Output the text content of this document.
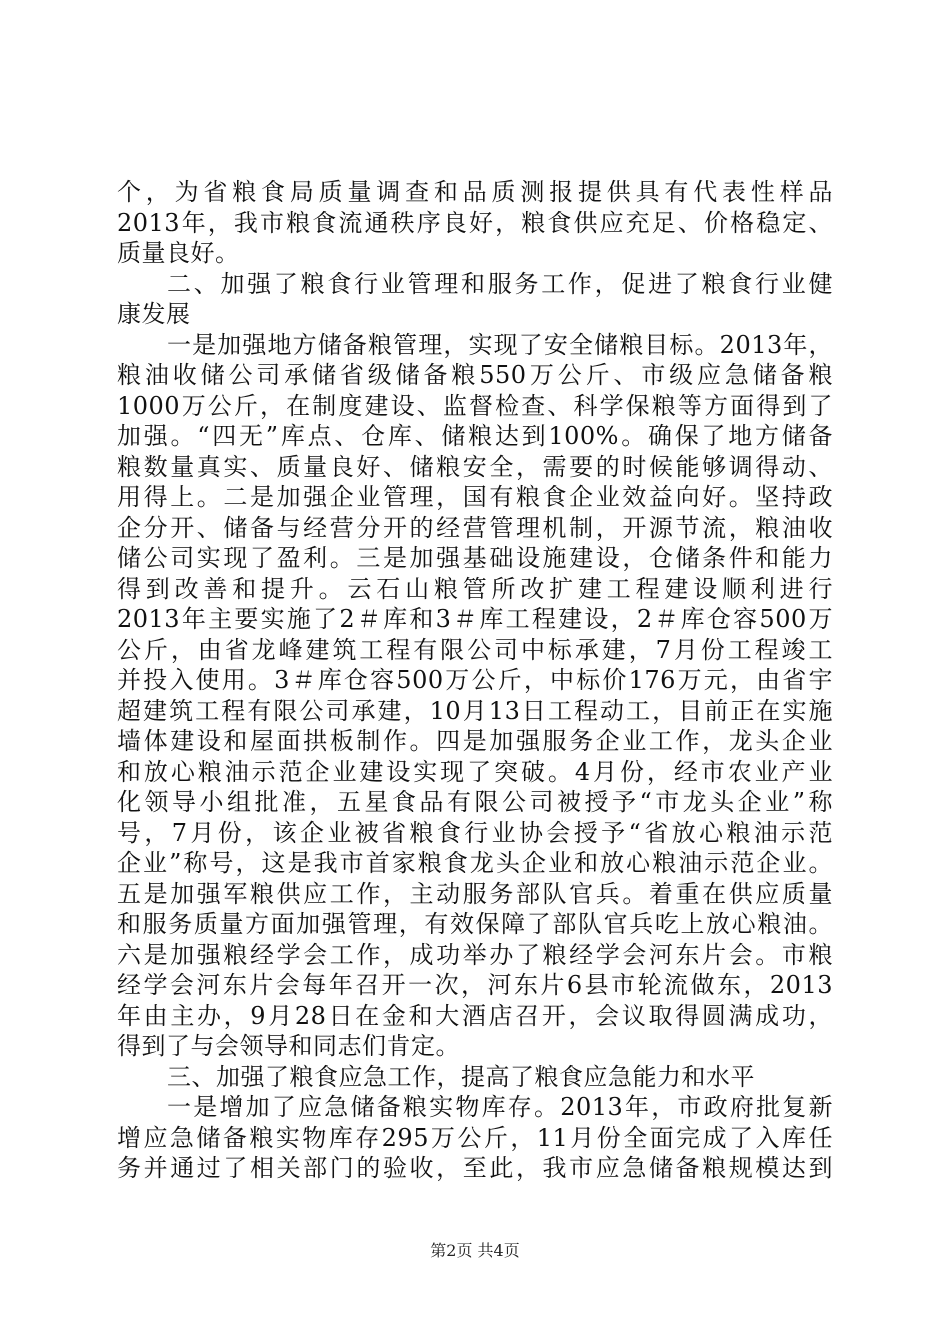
个，为省粮食局质量调查和品质测报提供具有代表性样品
2013年，我市粮食流通秩序良好，粮食供应充足、价格稳定、
质量良好。
二、加强了粮食行业管理和服务工作，促进了粮食行业健
康发展
一是加强地方储备粮管理，实现了安全储粮目标。2013年，
粮油收储公司承储省级储备粮550万公斤、市级应急储备粮
1000万公斤，在制度建设、监督检查、科学保粮等方面得到了
加强。“四无”库点、仓库、储粮达到100%。确保了地方储备
粮数量真实、质量良好、储粮安全，需要的时候能够调得动、
用得上。二是加强企业管理，国有粮食企业效益向好。坚持政
企分开、储备与经营分开的经营管理机制，开源节流，粮油收
储公司实现了盈利。三是加强基础设施建设，仓储条件和能力
得到改善和提升。云石山粮管所改扩建工程建设顺利进行
2013年主要实施了2＃库和3＃库工程建设，2＃库仓容500万
公斤，由省龙峰建筑工程有限公司中标承建，7月份工程竣工
并投入使用。3＃库仓容500万公斤，中标价176万元，由省宇
超建筑工程有限公司承建，10月13日工程动工，目前正在实施
墙体建设和屋面拱板制作。四是加强服务企业工作，龙头企业
和放心粮油示范企业建设实现了突破。4月份，经市农业产业
化领导小组批准，五星食品有限公司被授予“市龙头企业”称
号，7月份，该企业被省粮食行业协会授予“省放心粮油示范
企业”称号，这是我市首家粮食龙头企业和放心粮油示范企业。
五是加强军粮供应工作，主动服务部队官兵。着重在供应质量
和服务质量方面加强管理，有效保障了部队官兵吃上放心粮油。
六是加强粮经学会工作，成功举办了粮经学会河东片会。市粮
经学会河东片会每年召开一次，河东片6县市轮流做东，2013
年由主办，9月28日在金和大酒店召开，会议取得圆满成功，
得到了与会领导和同志们肯定。
三、加强了粮食应急工作，提高了粮食应急能力和水平
一是增加了应急储备粮实物库存。2013年，市政府批复新
增应急储备粮实物库存295万公斤，11月份全面完成了入库任
务并通过了相关部门的验收，至此，我市应急储备粮规模达到
第2页 共4页
